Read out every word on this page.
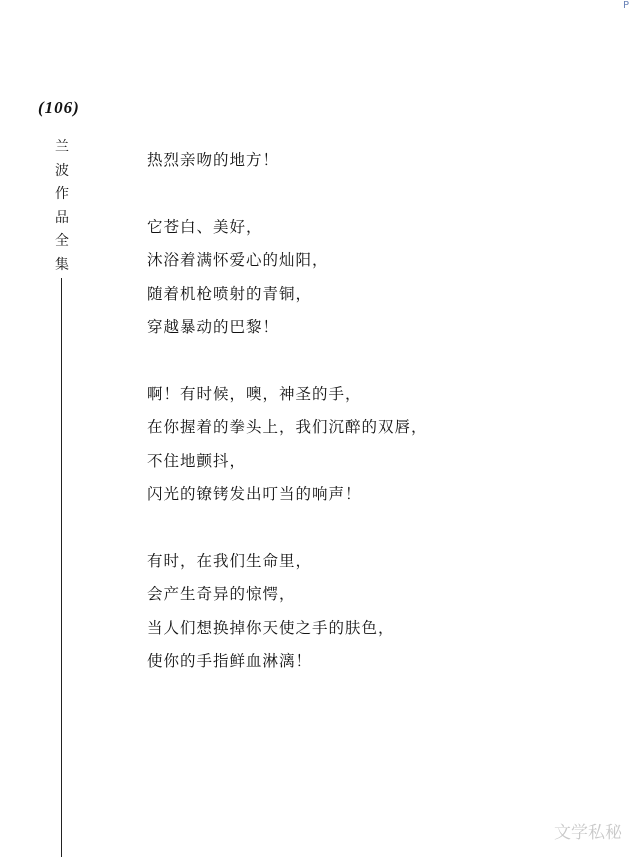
(106)
兰
波
作
品
全
集
热烈亲吻的地方！
它苍白、美好，
沐浴着满怀爱心的灿阳，
随着机枪喷射的青铜，
穿越暴动的巴黎！
啊！有时候，噢，神圣的手，
在你握着的拳头上，我们沉醉的双唇，
不住地颤抖，
闪光的镣铐发出叮当的响声！
有时，在我们生命里，
会产生奇异的惊愕，
当人们想换掉你天使之手的肤色，
使你的手指鲜血淋漓！
文学私秘
P
